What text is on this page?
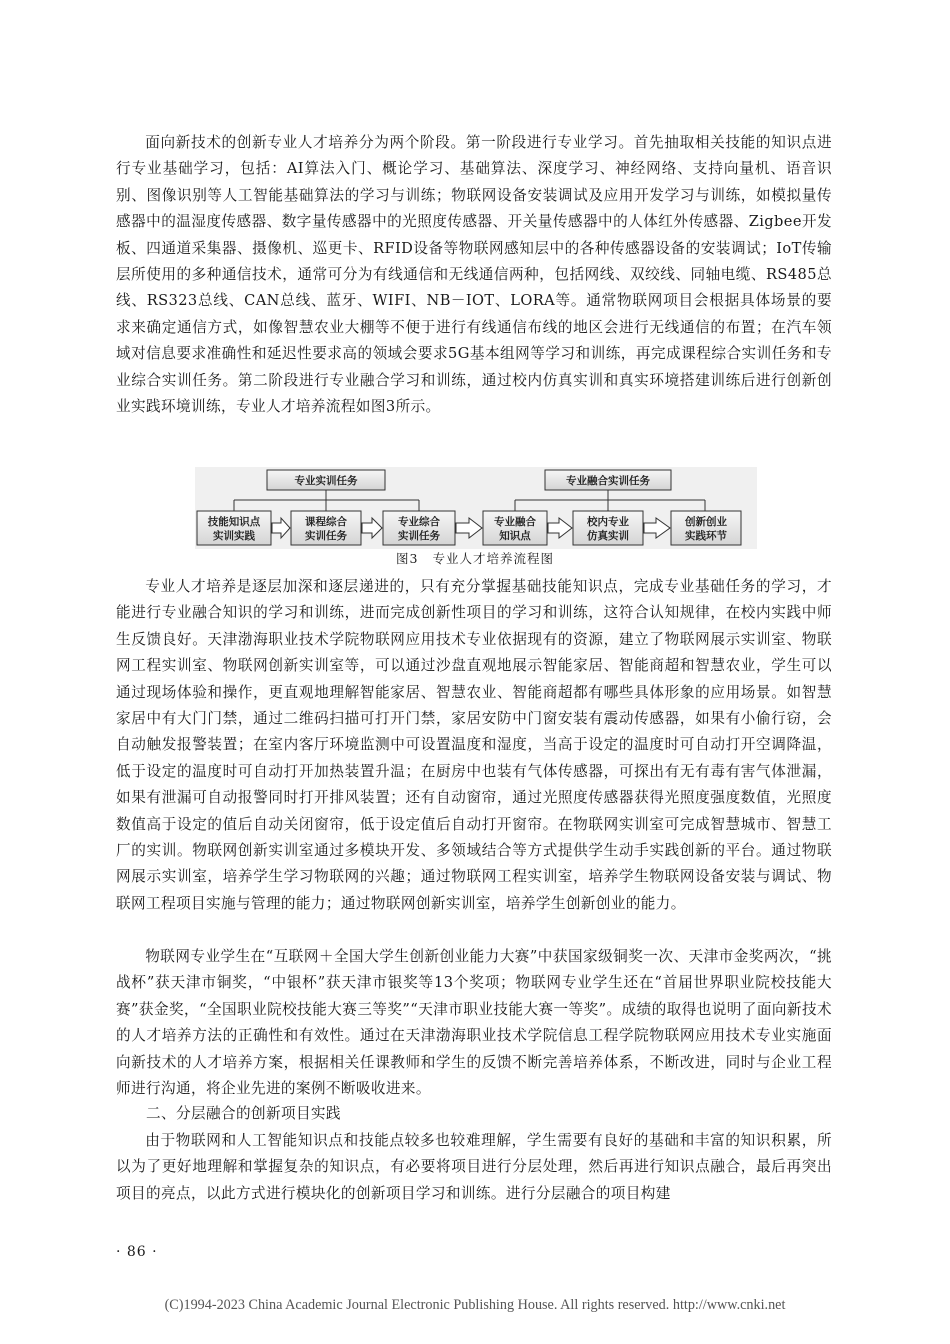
面向新技术的创新专业人才培养分为两个阶段。第一阶段进行专业学习。首先抽取相关技能的知识点进行专业基础学习，包括：AI算法入门、概论学习、基础算法、深度学习、神经网络、支持向量机、语音识别、图像识别等人工智能基础算法的学习与训练；物联网设备安装调试及应用开发学习与训练，如模拟量传感器中的温湿度传感器、数字量传感器中的光照度传感器、开关量传感器中的人体红外传感器、Zigbee开发板、四通道采集器、摄像机、巡更卡、RFID设备等物联网感知层中的各种传感器设备的安装调试；IoT传输层所使用的多种通信技术，通常可分为有线通信和无线通信两种，包括网线、双绞线、同轴电缆、RS485总线、RS323总线、CAN总线、蓝牙、WIFI、NB－IOT、LORA等。通常物联网项目会根据具体场景的要求来确定通信方式，如像智慧农业大棚等不便于进行有线通信布线的地区会进行无线通信的布置；在汽车领域对信息要求准确性和延迟性要求高的领域会要求5G基本组网等学习和训练，再完成课程综合实训任务和专业综合实训任务。第二阶段进行专业融合学习和训练，通过校内仿真实训和真实环境搭建训练后进行创新创业实践环境训练，专业人才培养流程如图3所示。

专业实训任务	专业融合实训任务
技能知识点
实训实践
课程综合
实训任务
专业综合
实训任务
专业融合
知识点
校内专业
仿真实训
创新创业
实践环节
图3 专业人才培养流程图

专业人才培养是逐层加深和逐层递进的，只有充分掌握基础技能知识点，完成专业基础任务的学习，才能进行专业融合知识的学习和训练，进而完成创新性项目的学习和训练，这符合认知规律，在校内实践中师生反馈良好。天津渤海职业技术学院物联网应用技术专业依据现有的资源，建立了物联网展示实训室、物联网工程实训室、物联网创新实训室等，可以通过沙盘直观地展示智能家居、智能商超和智慧农业，学生可以通过现场体验和操作，更直观地理解智能家居、智慧农业、智能商超都有哪些具体形象的应用场景。如智慧家居中有大门门禁，通过二维码扫描可打开门禁，家居安防中门窗安装有震动传感器，如果有小偷行窃，会自动触发报警装置；在室内客厅环境监测中可设置温度和湿度，当高于设定的温度时可自动打开空调降温，低于设定的温度时可自动打开加热装置升温；在厨房中也装有气体传感器，可探出有无有毒有害气体泄漏，如果有泄漏可自动报警同时打开排风装置；还有自动窗帘，通过光照度传感器获得光照度强度数值，光照度数值高于设定的值后自动关闭窗帘，低于设定值后自动打开窗帘。在物联网实训室可完成智慧城市、智慧工厂的实训。物联网创新实训室通过多模块开发、多领域结合等方式提供学生动手实践创新的平台。通过物联网展示实训室，培养学生学习物联网的兴趣；通过物联网工程实训室，培养学生物联网设备安装与调试、物联网工程项目实施与管理的能力；通过物联网创新实训室，培养学生创新创业的能力。

物联网专业学生在“互联网＋全国大学生创新创业能力大赛”中获国家级铜奖一次、天津市金奖两次，“挑战杯”获天津市铜奖，“中银杯”获天津市银奖等13个奖项；物联网专业学生还在“首届世界职业院校技能大赛”获金奖，“全国职业院校技能大赛三等奖”“天津市职业技能大赛一等奖”。成绩的取得也说明了面向新技术的人才培养方法的正确性和有效性。通过在天津渤海职业技术学院信息工程学院物联网应用技术专业实施面向新技术的人才培养方案，根据相关任课教师和学生的反馈不断完善培养体系，不断改进，同时与企业工程师进行沟通，将企业先进的案例不断吸收进来。

二、分层融合的创新项目实践

由于物联网和人工智能知识点和技能点较多也较难理解，学生需要有良好的基础和丰富的知识积累，所以为了更好地理解和掌握复杂的知识点，有必要将项目进行分层处理，然后再进行知识点融合，最后再突出项目的亮点，以此方式进行模块化的创新项目学习和训练。进行分层融合的项目构建

· 86 ·
(C)1994-2023 China Academic Journal Electronic Publishing House. All rights reserved. http://www.cnki.net
